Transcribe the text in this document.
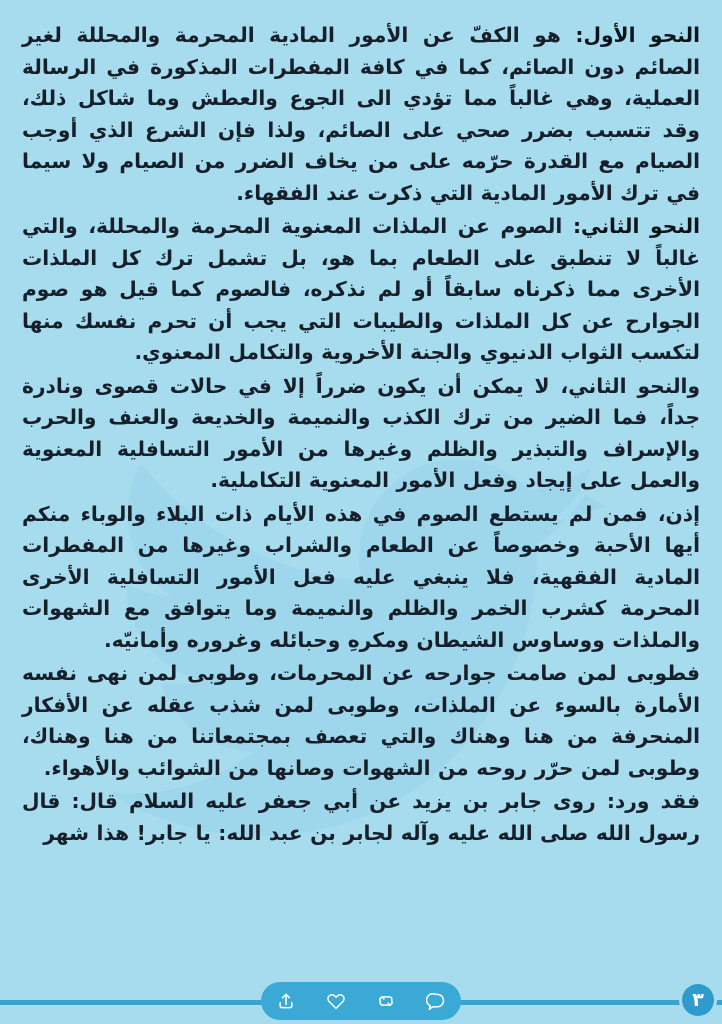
النحو الأول: هو الكفّ عن الأمور المادية المحرمة والمحللة لغير الصائم دون الصائم، كما في كافة المفطرات المذكورة في الرسالة العملية، وهي غالباً مما تؤدي الى الجوع والعطش وما شاكل ذلك، وقد تتسبب بضرر صحي على الصائم، ولذا فإن الشرع الذي أوجب الصيام مع القدرة حرّمه على من يخاف الضرر من الصيام ولا سيما في ترك الأمور المادية التي ذكرت عند الفقهاء.

النحو الثاني: الصوم عن الملذات المعنوية المحرمة والمحللة، والتي غالباً لا تنطبق على الطعام بما هو، بل تشمل ترك كل الملذات الأخرى مما ذكرناه سابقاً أو لم نذكره، فالصوم كما قيل هو صوم الجوارح عن كل الملذات والطيبات التي يجب أن تحرم نفسك منها لتكسب الثواب الدنيوي والجنة الأخروية والتكامل المعنوي.

والنحو الثاني، لا يمكن أن يكون ضرراً إلا في حالات قصوى ونادرة جداً، فما الضير من ترك الكذب والنميمة والخديعة والعنف والحرب والإسراف والتبذير والظلم وغيرها من الأمور التسافلية المعنوية والعمل على إيجاد وفعل الأمور المعنوية التكاملية.

إذن، فمن لم يستطع الصوم في هذه الأيام ذات البلاء والوباء منكم أيها الأحبة وخصوصاً عن الطعام والشراب وغيرها من المفطرات المادية الفقهية، فلا ينبغي عليه فعل الأمور التسافلية الأخرى المحرمة كشرب الخمر والظلم والنميمة وما يتوافق مع الشهوات والملذات ووساوس الشيطان ومكرهِ وحبائله وغروره وأمانيّه.

فطوبى لمن صامت جوارحه عن المحرمات، وطوبى لمن نهى نفسه الأمارة بالسوء عن الملذات، وطوبى لمن شذب عقله عن الأفكار المنحرفة من هنا وهناك والتي تعصف بمجتمعاتنا من هنا وهناك، وطوبى لمن حرّر روحه من الشهوات وصانها من الشوائب والأهواء.

فقد ورد: روى جابر بن يزيد عن أبي جعفر عليه السلام قال: قال رسول الله صلى الله عليه وآله لجابر بن عبد الله: يا جابر! هذا شهر

٣
